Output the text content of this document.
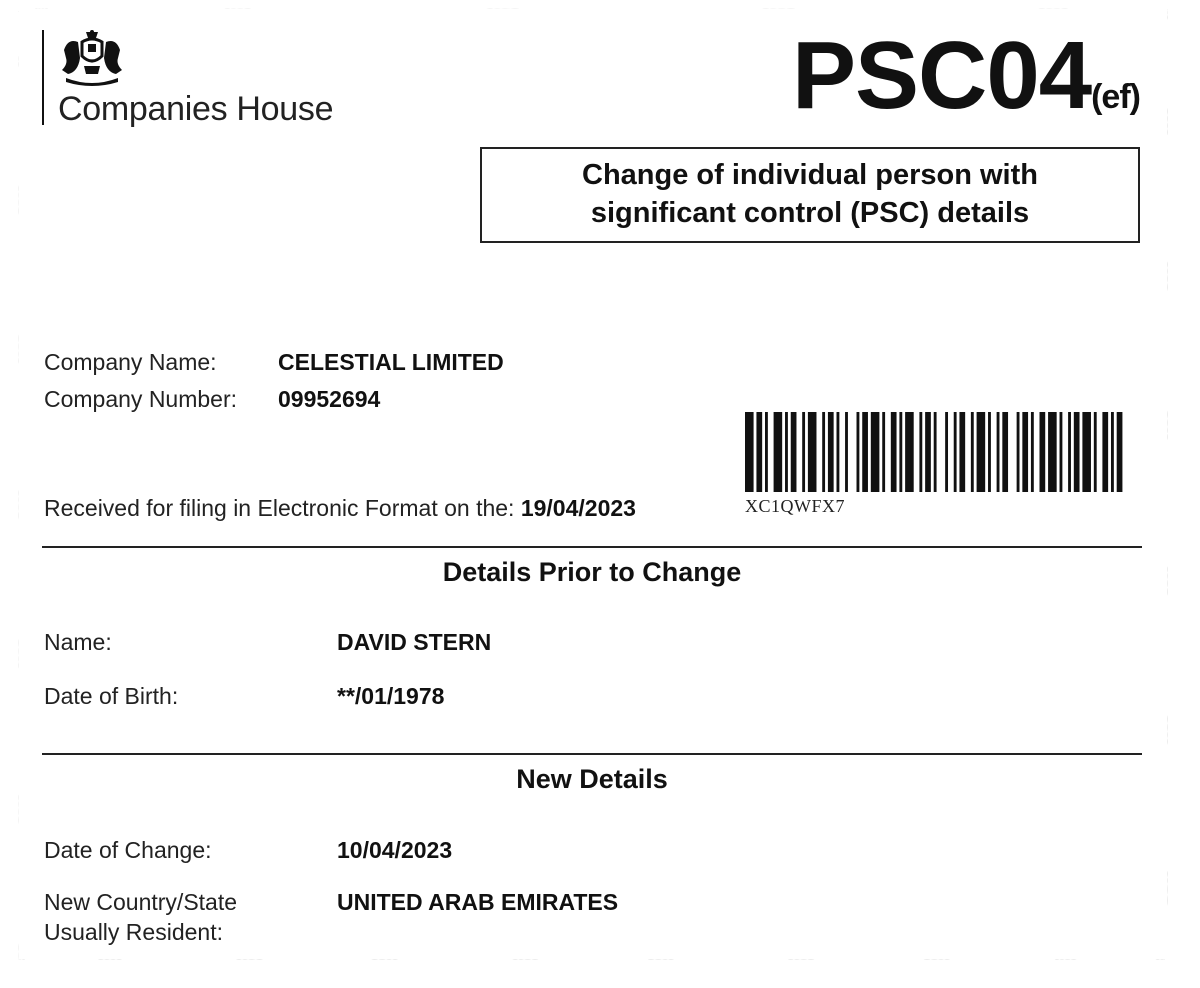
Companies House	PSC04(ef)
Change of individual person with significant control (PSC) details
Company Name:	CELESTIAL LIMITED
Company Number: 09952694
Received for filing in Electronic Format on the: 19/04/2023	XC1QWFX7
Details Prior to Change
Name:	DAVID STERN
Date of Birth:	**/01/1978
New Details
Date of Change:	10/04/2023
New Country/State
Usually Resident:
UNITED ARAB EMIRATES
